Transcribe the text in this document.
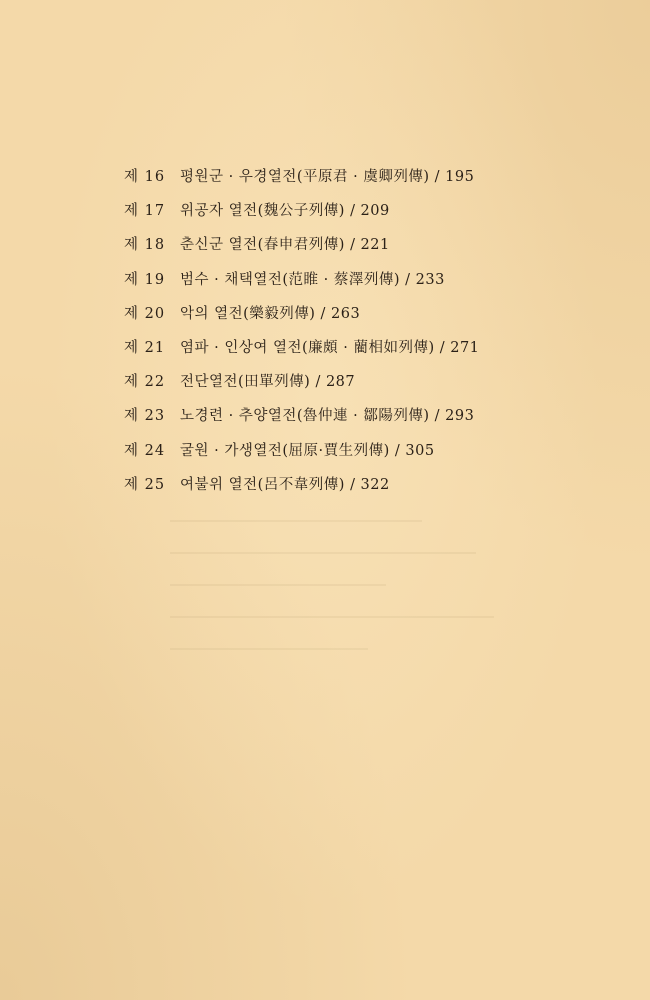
제 16	평원군 · 우경열전(平原君 · 虞卿列傳) / 195
제 17	위공자 열전(魏公子列傳) / 209
제 18	춘신군 열전(春申君列傳) / 221
제 19	범수 · 채택열전(范睢 · 蔡澤列傳) / 233
제 20	악의 열전(樂毅列傳) / 263
제 21	염파 · 인상여 열전(廉頗 · 藺相如列傳) / 271
제 22	전단열전(田單列傳) / 287
제 23	노경련 · 추양열전(魯仲連 · 鄒陽列傳) / 293
제 24	굴원 · 가생열전(屈原·賈生列傳) / 305
제 25	여불위 열전(呂不韋列傳) / 322
